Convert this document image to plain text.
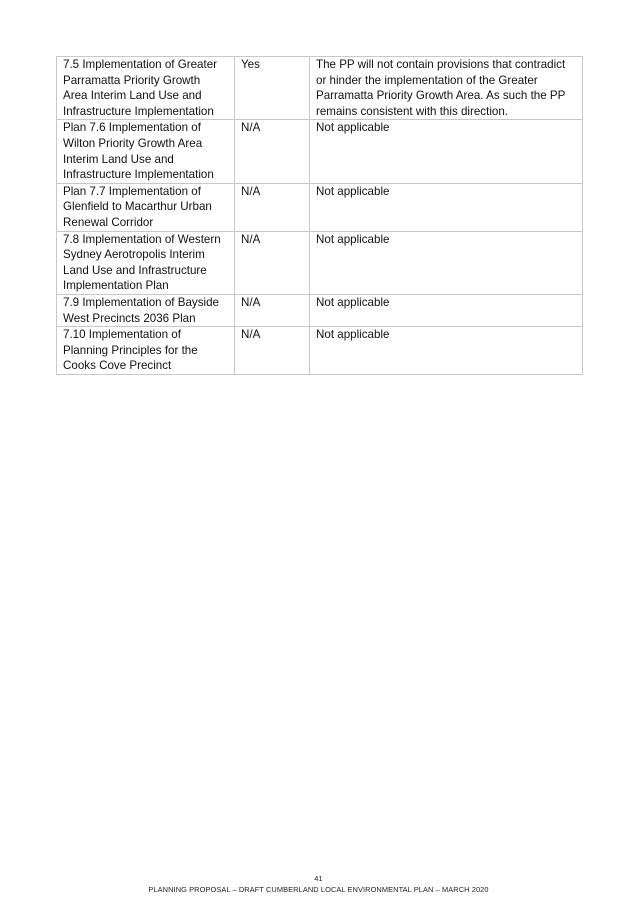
7.5 Implementation of Greater
Parramatta Priority Growth
Area Interim Land Use and
Infrastructure Implementation	Yes	The PP will not contain provisions that contradict
or hinder the implementation of the Greater
Parramatta Priority Growth Area. As such the PP
remains consistent with this direction.
Plan 7.6 Implementation of
Wilton Priority Growth Area
Interim Land Use and
Infrastructure Implementation	N/A	Not applicable
Plan 7.7 Implementation of
Glenfield to Macarthur Urban
Renewal Corridor	N/A	Not applicable
7.8 Implementation of Western
Sydney Aerotropolis Interim
Land Use and Infrastructure
Implementation Plan	N/A	Not applicable
7.9 Implementation of Bayside
West Precincts 2036 Plan	N/A	Not applicable
7.10 Implementation of
Planning Principles for the
Cooks Cove Precinct	N/A	Not applicable
41
PLANNING PROPOSAL – DRAFT CUMBERLAND LOCAL ENVIRONMENTAL PLAN – MARCH 2020
